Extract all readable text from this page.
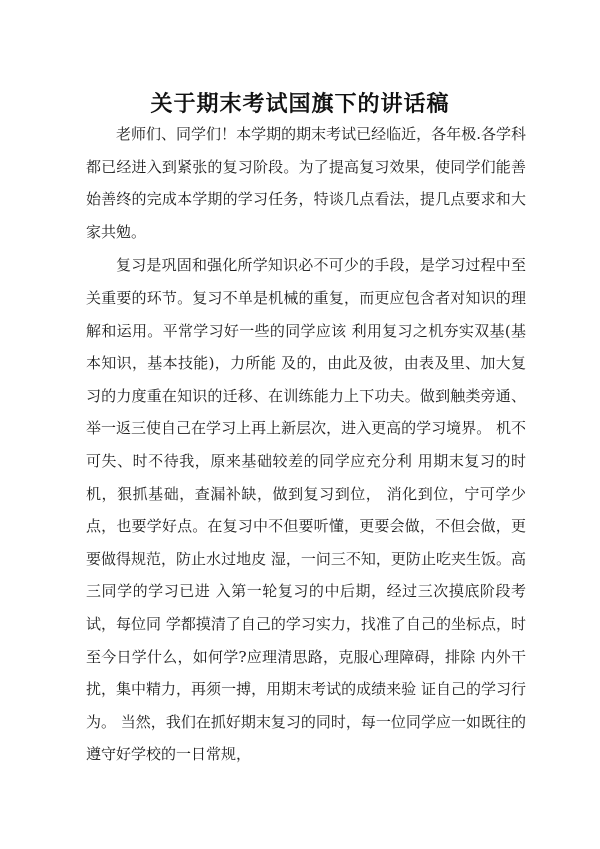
关于期末考试国旗下的讲话稿

老师们、同学们！本学期的期末考试已经临近，各年极.各学科都已经进入到紧张的复习阶段。为了提高复习效果，使同学们能善始善终的完成本学期的学习任务，特谈几点看法，提几点要求和大家共勉。

复习是巩固和强化所学知识必不可少的手段，是学习过程中至关重要的环节。复习不单是机械的重复，而更应包含者对知识的理解和运用。平常学习好一些的同学应该 利用复习之机夯实双基(基本知识，基本技能)，力所能 及的，由此及彼，由表及里、加大复习的力度重在知识的迁移、在训练能力上下功夫。做到触类旁通、举一返三使自己在学习上再上新层次，进入更高的学习境界。 机不可失、时不待我，原来基础较差的同学应充分利 用期末复习的时机，狠抓基础，查漏补缺，做到复习到位， 消化到位，宁可学少点，也要学好点。在复习中不但要听懂，更要会做，不但会做，更要做得规范，防止水过地皮 湿，一问三不知，更防止吃夹生饭。高三同学的学习已进 入第一轮复习的中后期，经过三次摸底阶段考试，每位同 学都摸清了自己的学习实力，找准了自己的坐标点，时至今日学什么，如何学?应理清思路，克服心理障碍，排除 内外干扰，集中精力，再须一搏，用期末考试的成绩来验 证自己的学习行为。 当然，我们在抓好期末复习的同时，每一位同学应一如既往的遵守好学校的一日常规，
